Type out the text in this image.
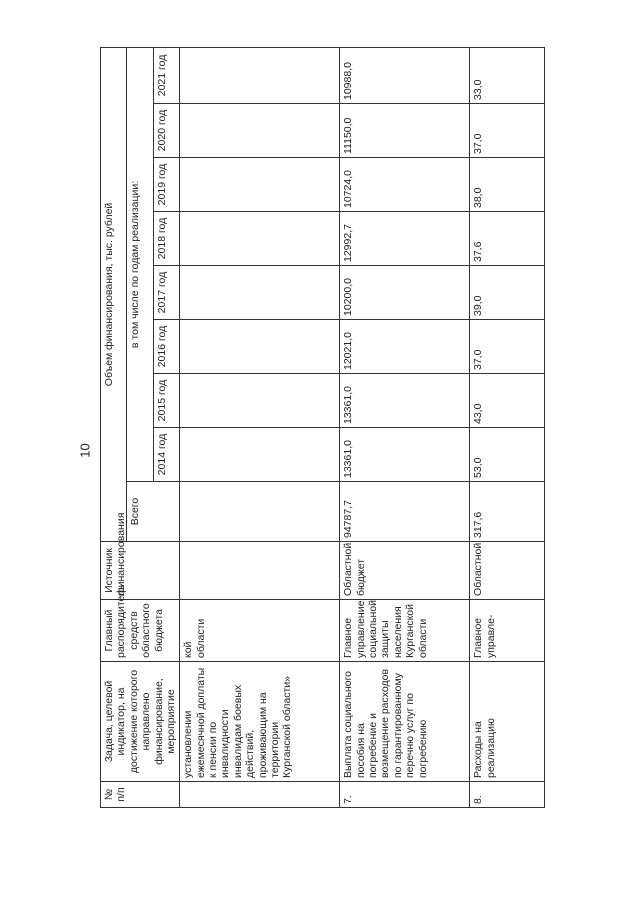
10
№ п/п	Задача, целевой индикатор, на достижение которого направлено финансирование, мероприятие	Главный распорядитель средств областного бюджета	Источник финансирования	Объем финансирования, тыс. рублей								
				Всего	в том числе по годам реализации:							
					2014 год	2015 год	2016 год	2017 год	2018 год	2019 год	2020 год	2021 год
	установлении ежемесячной доплаты к пенсии по инвалидности инвалидам боевых действий, проживающим на территории Курганской области»	кой области										
7.	Выплата социального пособия на погребение и возмещение расходов по гарантированному перечню услуг по погребению	Главное управление социальной защиты населения Курганской области	Областной бюджет	94787,7	13361,0	13361,0	12021,0	10200,0	12992,7	10724,0	11150,0	10988,0
8.	Расходы на реализацию	Главное управле-	Областной	317,6	53,0	43,0	37,0	39,0	37,6	38,0	37,0	33,0
